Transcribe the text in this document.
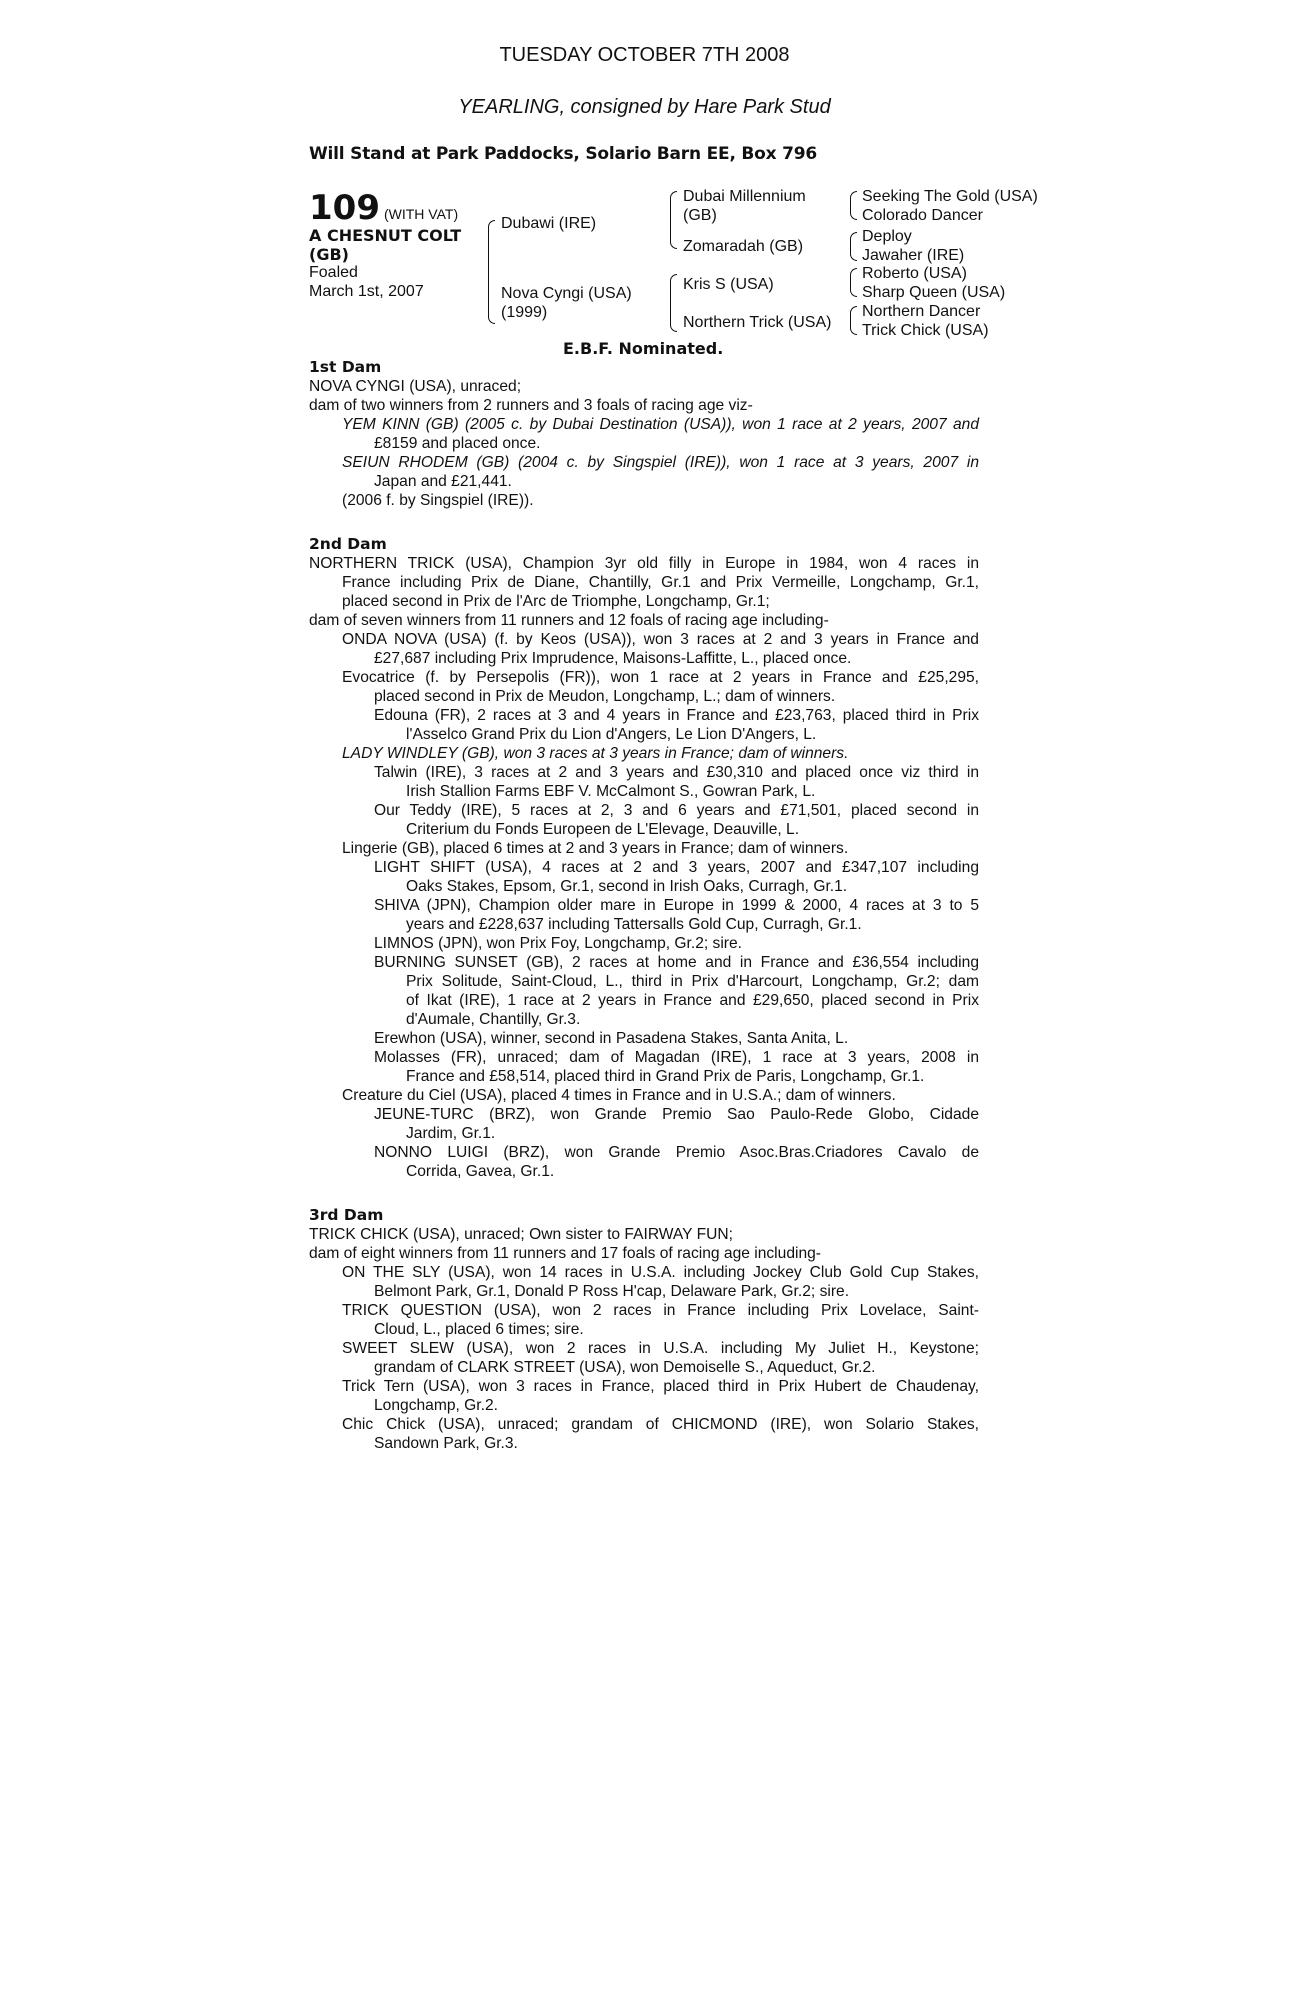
TUESDAY OCTOBER 7TH 2008
YEARLING, consigned by Hare Park Stud
Will Stand at Park Paddocks, Solario Barn EE, Box 796
109 (WITH VAT)
A CHESNUT COLT
(GB)
Foaled
March 1st, 2007
Dubawi (IRE)
Nova Cyngi (USA)
(1999)
Dubai Millennium
(GB)
Zomaradah (GB)
Kris S (USA)
Northern Trick (USA)
Seeking The Gold (USA)
Colorado Dancer
Deploy
Jawaher (IRE)
Roberto (USA)
Sharp Queen (USA)
Northern Dancer
Trick Chick (USA)
E.B.F. Nominated.
1st Dam
NOVA CYNGI (USA), unraced;
dam of two winners from 2 runners and 3 foals of racing age viz-
YEM KINN (GB) (2005 c. by Dubai Destination (USA)), won 1 race at 2 years, 2007 and
£8159 and placed once.
SEIUN RHODEM (GB) (2004 c. by Singspiel (IRE)), won 1 race at 3 years, 2007 in
Japan and £21,441.
(2006 f. by Singspiel (IRE)).
2nd Dam
NORTHERN TRICK (USA), Champion 3yr old filly in Europe in 1984, won 4 races in
France including Prix de Diane, Chantilly, Gr.1 and Prix Vermeille, Longchamp, Gr.1,
placed second in Prix de l'Arc de Triomphe, Longchamp, Gr.1;
dam of seven winners from 11 runners and 12 foals of racing age including-
ONDA NOVA (USA) (f. by Keos (USA)), won 3 races at 2 and 3 years in France and
£27,687 including Prix Imprudence, Maisons-Laffitte, L., placed once.
Evocatrice (f. by Persepolis (FR)), won 1 race at 2 years in France and £25,295,
placed second in Prix de Meudon, Longchamp, L.; dam of winners.
Edouna (FR), 2 races at 3 and 4 years in France and £23,763, placed third in Prix
l'Asselco Grand Prix du Lion d'Angers, Le Lion D'Angers, L.
LADY WINDLEY (GB), won 3 races at 3 years in France; dam of winners.
Talwin (IRE), 3 races at 2 and 3 years and £30,310 and placed once viz third in
Irish Stallion Farms EBF V. McCalmont S., Gowran Park, L.
Our Teddy (IRE), 5 races at 2, 3 and 6 years and £71,501, placed second in
Criterium du Fonds Europeen de L'Elevage, Deauville, L.
Lingerie (GB), placed 6 times at 2 and 3 years in France; dam of winners.
LIGHT SHIFT (USA), 4 races at 2 and 3 years, 2007 and £347,107 including
Oaks Stakes, Epsom, Gr.1, second in Irish Oaks, Curragh, Gr.1.
SHIVA (JPN), Champion older mare in Europe in 1999 & 2000, 4 races at 3 to 5
years and £228,637 including Tattersalls Gold Cup, Curragh, Gr.1.
LIMNOS (JPN), won Prix Foy, Longchamp, Gr.2; sire.
BURNING SUNSET (GB), 2 races at home and in France and £36,554 including
Prix Solitude, Saint-Cloud, L., third in Prix d'Harcourt, Longchamp, Gr.2; dam
of Ikat (IRE), 1 race at 2 years in France and £29,650, placed second in Prix
d'Aumale, Chantilly, Gr.3.
Erewhon (USA), winner, second in Pasadena Stakes, Santa Anita, L.
Molasses (FR), unraced; dam of Magadan (IRE), 1 race at 3 years, 2008 in
France and £58,514, placed third in Grand Prix de Paris, Longchamp, Gr.1.
Creature du Ciel (USA), placed 4 times in France and in U.S.A.; dam of winners.
JEUNE-TURC (BRZ), won Grande Premio Sao Paulo-Rede Globo, Cidade
Jardim, Gr.1.
NONNO LUIGI (BRZ), won Grande Premio Asoc.Bras.Criadores Cavalo de
Corrida, Gavea, Gr.1.
3rd Dam
TRICK CHICK (USA), unraced; Own sister to FAIRWAY FUN;
dam of eight winners from 11 runners and 17 foals of racing age including-
ON THE SLY (USA), won 14 races in U.S.A. including Jockey Club Gold Cup Stakes,
Belmont Park, Gr.1, Donald P Ross H'cap, Delaware Park, Gr.2; sire.
TRICK QUESTION (USA), won 2 races in France including Prix Lovelace, Saint-
Cloud, L., placed 6 times; sire.
SWEET SLEW (USA), won 2 races in U.S.A. including My Juliet H., Keystone;
grandam of CLARK STREET (USA), won Demoiselle S., Aqueduct, Gr.2.
Trick Tern (USA), won 3 races in France, placed third in Prix Hubert de Chaudenay,
Longchamp, Gr.2.
Chic Chick (USA), unraced; grandam of CHICMOND (IRE), won Solario Stakes,
Sandown Park, Gr.3.
